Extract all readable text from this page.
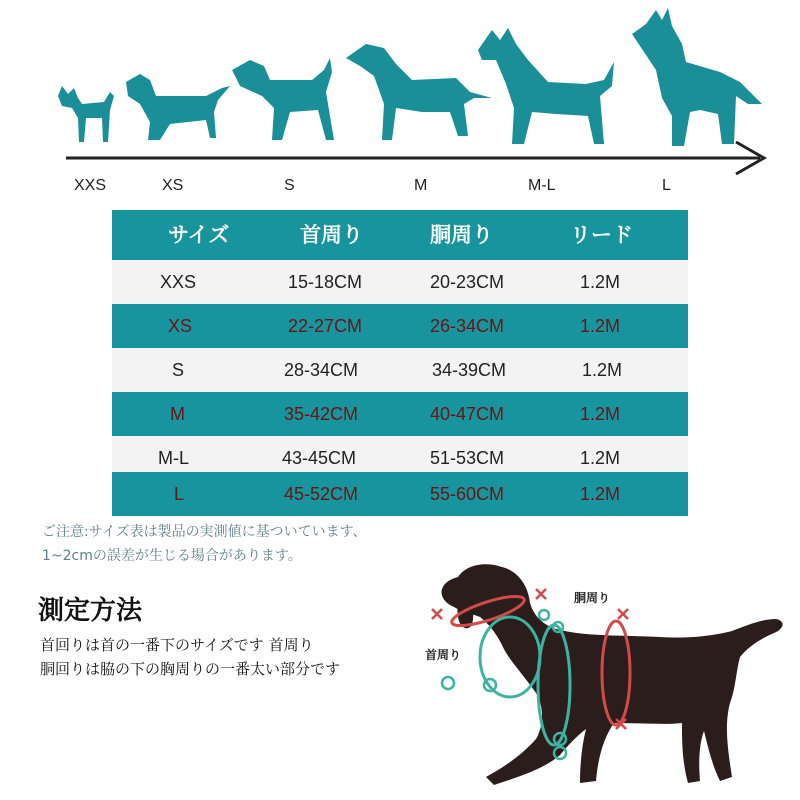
XXS	XS	S	M	M-L	L
サイズ	首周り	胴周り	リード
XXS	15-18CM	20-23CM	1.2M
XS	22-27CM	26-34CM	1.2M
S	28-34CM	34-39CM	1.2M
M	35-42CM	40-47CM	1.2M
M-L	43-45CM	51-53CM	1.2M
L	45-52CM	55-60CM	1.2M
ご注意:サイズ表は製品の実測値に基ついています、
1~2cmの誤差が生じる場合があります。
測定方法
首回りは首の一番下のサイズです 首周り
胴回りは脇の下の胸周りの一番太い部分です
胴周り
首周り
